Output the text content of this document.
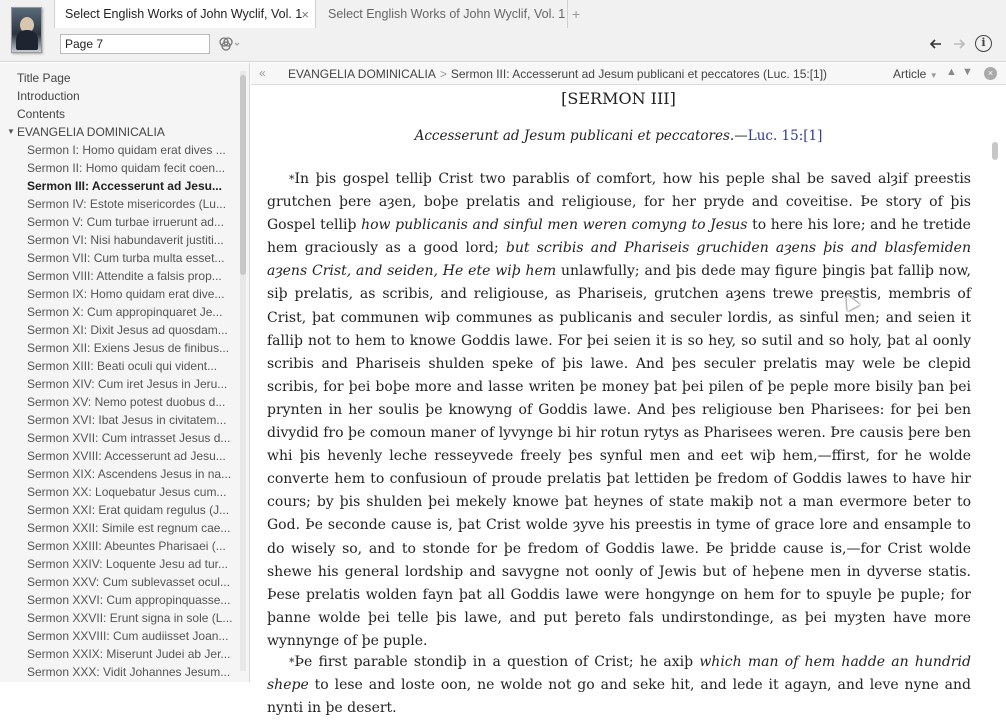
Select English Works of John Wyclif, Vol. 1 ×	Select English Works of John Wyclif, Vol. 1 +
Page 7
i
Title Page
Introduction
Contents
▼ EVANGELIA DOMINICALIA
Sermon I: Homo quidam erat dives ...
Sermon II: Homo quidam fecit coen...
Sermon III: Accesserunt ad Jesu...
Sermon IV: Estote misericordes (Lu...
Sermon V: Cum turbae irruerunt ad...
Sermon VI: Nisi habundaverit justiti...
Sermon VII: Cum turba multa esset...
Sermon VIII: Attendite a falsis prop...
Sermon IX: Homo quidam erat dive...
Sermon X: Cum appropinquaret Je...
Sermon XI: Dixit Jesus ad quosdam...
Sermon XII: Exiens Jesus de finibus...
Sermon XIII: Beati oculi qui vident...
Sermon XIV: Cum iret Jesus in Jeru...
Sermon XV: Nemo potest duobus d...
Sermon XVI: Ibat Jesus in civitatem...
Sermon XVII: Cum intrasset Jesus d...
Sermon XVIII: Accesserunt ad Jesu...
Sermon XIX: Ascendens Jesus in na...
Sermon XX: Loquebatur Jesus cum...
Sermon XXI: Erat quidam regulus (J...
Sermon XXII: Simile est regnum cae...
Sermon XXIII: Abeuntes Pharisaei (...
Sermon XXIV: Loquente Jesu ad tur...
Sermon XXV: Cum sublevasset ocul...
Sermon XXVI: Cum appropinquasse...
Sermon XXVII: Erunt signa in sole (L...
Sermon XXVIII: Cum audiisset Joan...
Sermon XXIX: Miserunt Judei ab Jer...
Sermon XXX: Vidit Johannes Jesum...
« EVANGELIA DOMINICALIA > Sermon III: Accesserunt ad Jesum publicani et peccatores (Luc. 15:[1])	Article ▼ ▲ ▼	×
[SERMON III]
Accesserunt ad Jesum publicani et peccatores.—Luc. 15:[1]

*In þis gospel telliþ Crist two parablis of comfort, how his peple shal be saved alȝif preestis grutchen þere aȝen, boþe prelatis and religiouse, for her pryde and coveitise. Þe story of þis Gospel telliþ how publicanis and sinful men weren comyng to Jesus to here his lore; and he tretide hem graciously as a good lord; but scribis and Phariseis gruchiden aȝens þis and blasfemiden aȝens Crist, and seiden, He ete wiþ hem unlawfully; and þis dede may figure þingis þat falliþ now, siþ prelatis, as scribis, and religiouse, as Phariseis, grutchen aȝens trewe preestis, membris of Crist, þat communen wiþ communes as publicanis and seculer lordis, as sinful men; and seien it falliþ not to hem to knowe Goddis lawe. For þei seien it is so hey, so sutil and so holy, þat al oonly scribis and Phariseis shulden speke of þis lawe. And þes seculer prelatis may wele be clepid scribis, for þei boþe more and lasse writen þe money þat þei pilen of þe peple more bisily þan þei prynten in her soulis þe knowyng of Goddis lawe. And þes religiouse ben Pharisees: for þei ben divydid fro þe comoun maner of lyvynge bi hir rotun rytys as Pharisees weren. Þre causis þere ben whi þis hevenly leche resseyvede freely þes synful men and eet wiþ hem,—ffirst, for he wolde converte hem to confusioun of proude prelatis þat lettiden þe fredom of Goddis lawes to have hir cours; by þis shulden þei mekely knowe þat heynes of state makiþ not a man evermore beter to God. Þe seconde cause is, þat Crist wolde ȝyve his preestis in tyme of grace lore and ensample to do wisely so, and to stonde for þe fredom of Goddis lawe. Þe þridde cause is,—for Crist wolde shewe his general lordship and savygne not oonly of Jewis but of heþene men in dyverse statis. Þese prelatis wolden fayn þat all Goddis lawe were hongynge on hem for to spuyle þe puple; for þanne wolde þei telle þis lawe, and put þereto fals undirstondinge, as þei myȝten have more wynnynge of þe puple.

*Þe first parable stondiþ in a question of Crist; he axiþ which man of hem hadde an hundrid shepe to lese and loste oon, ne wolde not go and seke hit, and lede it agayn, and leve nyne and nynti in þe desert.
